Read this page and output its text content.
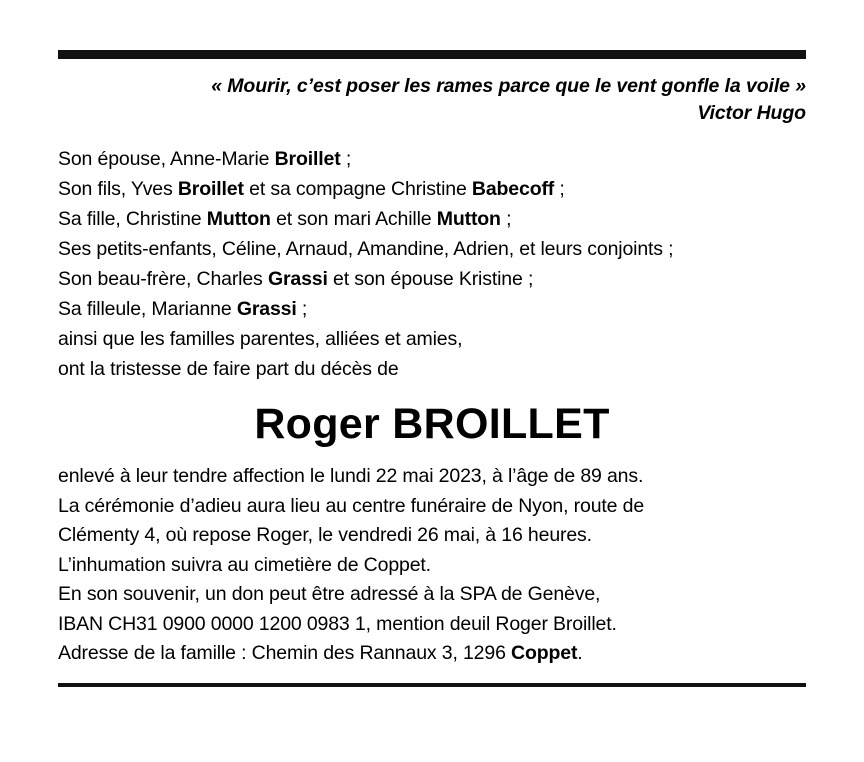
« Mourir, c’est poser les rames parce que le vent gonfle la voile »
Victor Hugo
Son épouse, Anne-Marie Broillet ;
Son fils, Yves Broillet et sa compagne Christine Babecoff ;
Sa fille, Christine Mutton et son mari Achille Mutton ;
Ses petits-enfants, Céline, Arnaud, Amandine, Adrien, et leurs conjoints ;
Son beau-frère, Charles Grassi et son épouse Kristine ;
Sa filleule, Marianne Grassi ;
ainsi que les familles parentes, alliées et amies,
ont la tristesse de faire part du décès de
Roger BROILLET
enlevé à leur tendre affection le lundi 22 mai 2023, à l’âge de 89 ans.
La cérémonie d’adieu aura lieu au centre funéraire de Nyon, route de
Clémenty 4, où repose Roger, le vendredi 26 mai, à 16 heures.
L’inhumation suivra au cimetière de Coppet.
En son souvenir, un don peut être adressé à la SPA de Genève,
IBAN CH31 0900 0000 1200 0983 1, mention deuil Roger Broillet.
Adresse de la famille : Chemin des Rannaux 3, 1296 Coppet.
